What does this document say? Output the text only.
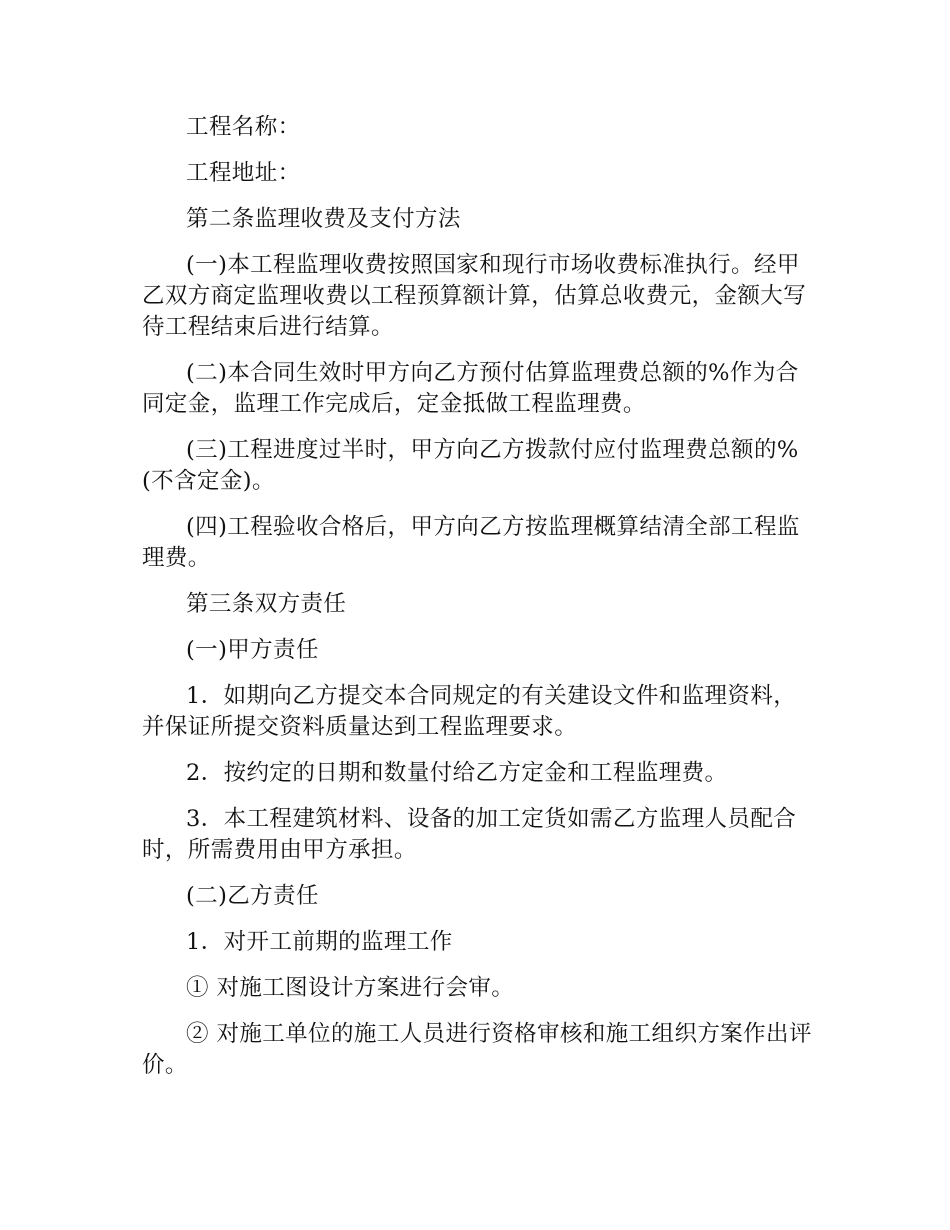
工程名称：

工程地址：

第二条监理收费及支付方法

(一)本工程监理收费按照国家和现行市场收费标准执行。经甲乙双方商定监理收费以工程预算额计算，估算总收费元，金额大写待工程结束后进行结算。

(二)本合同生效时甲方向乙方预付估算监理费总额的%作为合同定金，监理工作完成后，定金抵做工程监理费。

(三)工程进度过半时，甲方向乙方拨款付应付监理费总额的%(不含定金)。

(四)工程验收合格后，甲方向乙方按监理概算结清全部工程监理费。

第三条双方责任

(一)甲方责任

1．如期向乙方提交本合同规定的有关建设文件和监理资料，并保证所提交资料质量达到工程监理要求。

2．按约定的日期和数量付给乙方定金和工程监理费。

3．本工程建筑材料、设备的加工定货如需乙方监理人员配合时，所需费用由甲方承担。

(二)乙方责任

1．对开工前期的监理工作

① 对施工图设计方案进行会审。

② 对施工单位的施工人员进行资格审核和施工组织方案作出评价。
